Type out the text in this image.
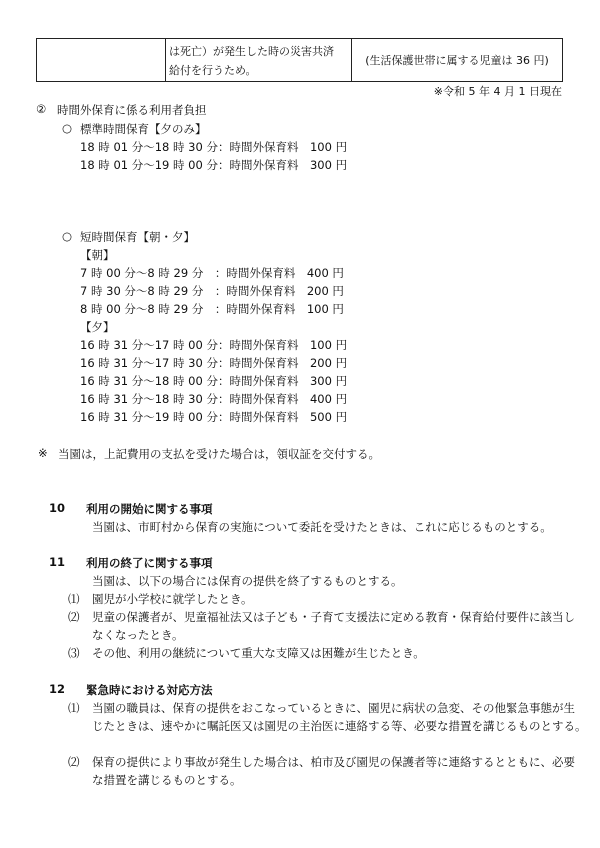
は死亡）が発生した時の災害共済
給付を行うため。
	(生活保護世帯に属する児童は 36 円)
※令和 5 年 4 月 1 日現在
② 時間外保育に係る利用者負担
○ 標準時間保育【夕のみ】
18 時 01 分～18 時 30 分：時間外保育料　100 円
18 時 01 分～19 時 00 分：時間外保育料　300 円
○ 短時間保育【朝・夕】
【朝】
7 時 00 分～8 時 29 分　：時間外保育料　400 円
7 時 30 分～8 時 29 分　：時間外保育料　200 円
8 時 00 分～8 時 29 分　：時間外保育料　100 円
【夕】
16 時 31 分～17 時 00 分：時間外保育料　100 円
16 時 31 分～17 時 30 分：時間外保育料　200 円
16 時 31 分～18 時 00 分：時間外保育料　300 円
16 時 31 分～18 時 30 分：時間外保育料　400 円
16 時 31 分～19 時 00 分：時間外保育料　500 円
※ 当園は，上記費用の支払を受けた場合は，領収証を交付する。
10 利用の開始に関する事項
当園は、市町村から保育の実施について委託を受けたときは、これに応じるものとする。
11 利用の終了に関する事項
当園は、以下の場合には保育の提供を終了するものとする。
⑴ 園児が小学校に就学したとき。
⑵ 児童の保護者が、児童福祉法又は子ども・子育て支援法に定める教育・保育給付要件に該当し
なくなったとき。
⑶ その他、利用の継続について重大な支障又は困難が生じたとき。
12 緊急時における対応方法
⑴ 当園の職員は、保育の提供をおこなっているときに、園児に病状の急変、その他緊急事態が生
じたときは、速やかに嘱託医又は園児の主治医に連絡する等、必要な措置を講じるものとする。
⑵ 保育の提供により事故が発生した場合は、柏市及び園児の保護者等に連絡するとともに、必要
な措置を講じるものとする。
